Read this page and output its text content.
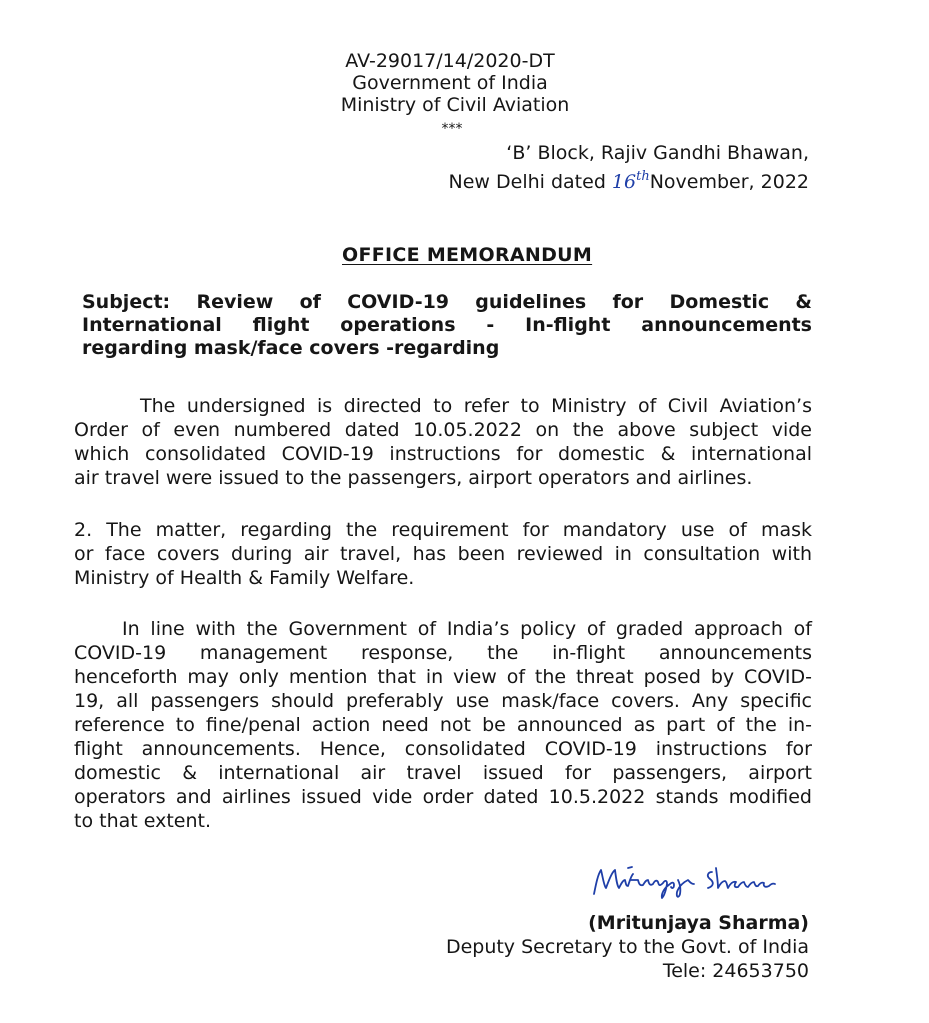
AV-29017/14/2020-DT
Government of India
Ministry of Civil Aviation
***
‘B’ Block, Rajiv Gandhi Bhawan,
New Delhi dated 16thNovember, 2022
OFFICE MEMORANDUM
Subject: Review of COVID-19 guidelines for Domestic &
International flight operations - In-flight announcements
regarding mask/face covers -regarding
The undersigned is directed to refer to Ministry of Civil Aviation’s
Order of even numbered dated 10.05.2022 on the above subject vide
which consolidated COVID-19 instructions for domestic & international
air travel were issued to the passengers, airport operators and airlines.
2. The matter, regarding the requirement for mandatory use of mask
or face covers during air travel, has been reviewed in consultation with
Ministry of Health & Family Welfare.
In line with the Government of India’s policy of graded approach of
COVID-19 management response, the in-flight announcements
henceforth may only mention that in view of the threat posed by COVID-
19, all passengers should preferably use mask/face covers. Any specific
reference to fine/penal action need not be announced as part of the in-
flight announcements. Hence, consolidated COVID-19 instructions for
domestic & international air travel issued for passengers, airport
operators and airlines issued vide order dated 10.5.2022 stands modified
to that extent.
(Mritunjaya Sharma)
Deputy Secretary to the Govt. of India
Tele: 24653750
